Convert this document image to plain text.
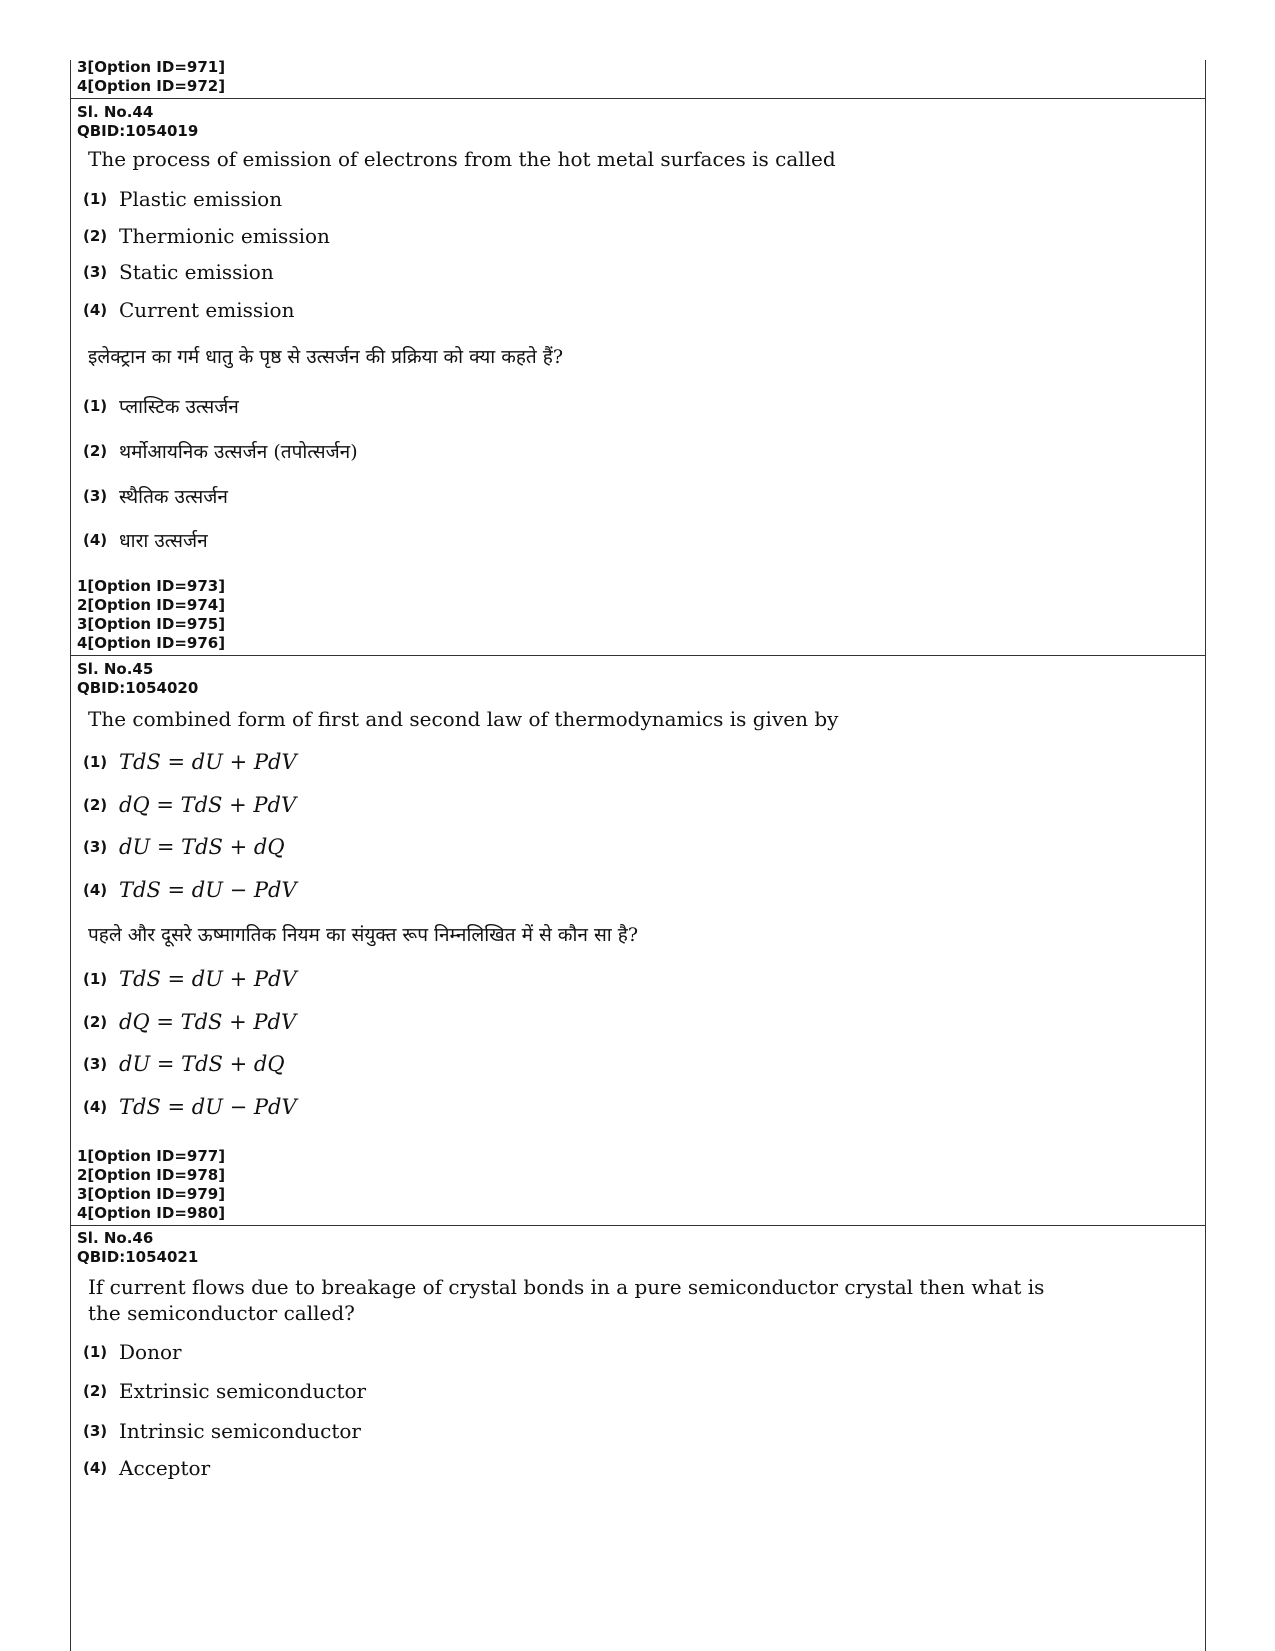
3[Option ID=971]
4[Option ID=972]
Sl. No.44
QBID:1054019
The process of emission of electrons from the hot metal surfaces is called
(1) Plastic emission
(2) Thermionic emission
(3) Static emission
(4) Current emission
इलेक्ट्रान का गर्म धातु के पृष्ठ से उत्सर्जन की प्रक्रिया को क्या कहते हैं?
(1) प्लास्टिक उत्सर्जन
(2) थर्मोआयनिक उत्सर्जन (तपोत्सर्जन)
(3) स्थैतिक उत्सर्जन
(4) धारा उत्सर्जन
1[Option ID=973]
2[Option ID=974]
3[Option ID=975]
4[Option ID=976]
Sl. No.45
QBID:1054020
The combined form of first and second law of thermodynamics is given by
(1) TdS = dU + PdV
(2) dQ = TdS + PdV
(3) dU = TdS + dQ
(4) TdS = dU − PdV
पहले और दूसरे ऊष्मागतिक नियम का संयुक्त रूप निम्नलिखित में से कौन सा है?
(1) TdS = dU + PdV
(2) dQ = TdS + PdV
(3) dU = TdS + dQ
(4) TdS = dU − PdV
1[Option ID=977]
2[Option ID=978]
3[Option ID=979]
4[Option ID=980]
Sl. No.46
QBID:1054021
If current flows due to breakage of crystal bonds in a pure semiconductor crystal then what is
the semiconductor called?
(1) Donor
(2) Extrinsic semiconductor
(3) Intrinsic semiconductor
(4) Acceptor
